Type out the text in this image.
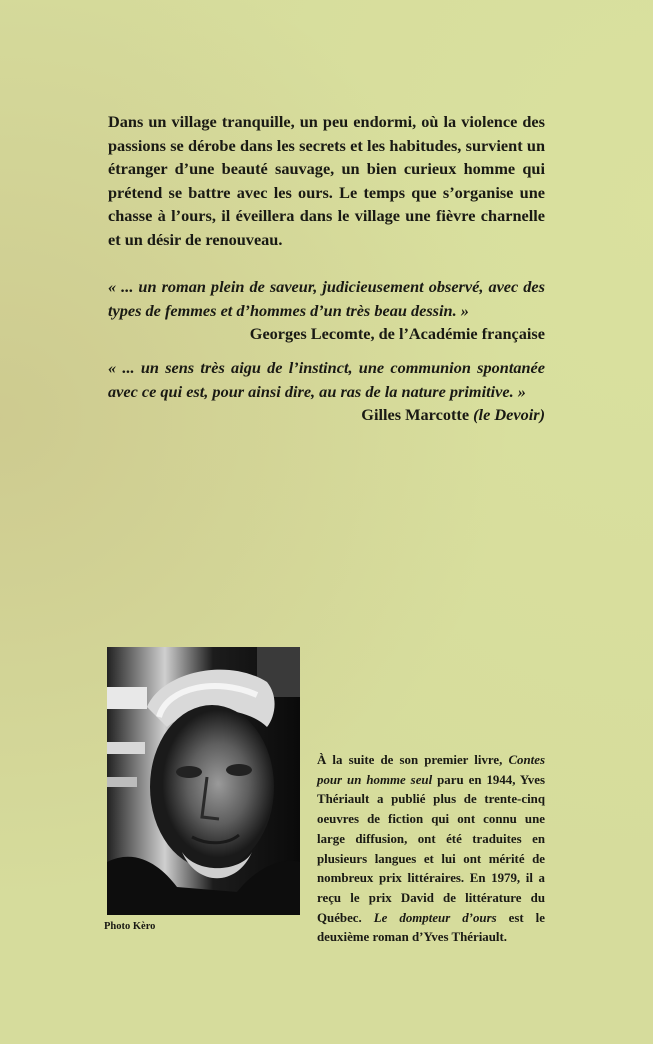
Dans un village tranquille, un peu endormi, où la violence des passions se dérobe dans les secrets et les habitudes, survient un étranger d’une beauté sauvage, un bien curieux homme qui prétend se battre avec les ours. Le temps que s’organise une chasse à l’ours, il éveillera dans le village une fièvre charnelle et un désir de renouveau.

« ... un roman plein de saveur, judicieusement observé, avec des types de femmes et d’hommes d’un très beau dessin. »
Georges Lecomte, de l’Académie française

« ... un sens très aigu de l’instinct, une communion spontanée avec ce qui est, pour ainsi dire, au ras de la nature primitive. »
Gilles Marcotte (le Devoir)

Photo Kèro

À la suite de son premier livre, Contes pour un homme seul paru en 1944, Yves Thériault a publié plus de trente-cinq oeuvres de fiction qui ont connu une large diffusion, ont été traduites en plusieurs langues et lui ont mérité de nombreux prix littéraires. En 1979, il a reçu le prix David de littérature du Québec. Le dompteur d’ours est le deuxième roman d’Yves Thériault.
